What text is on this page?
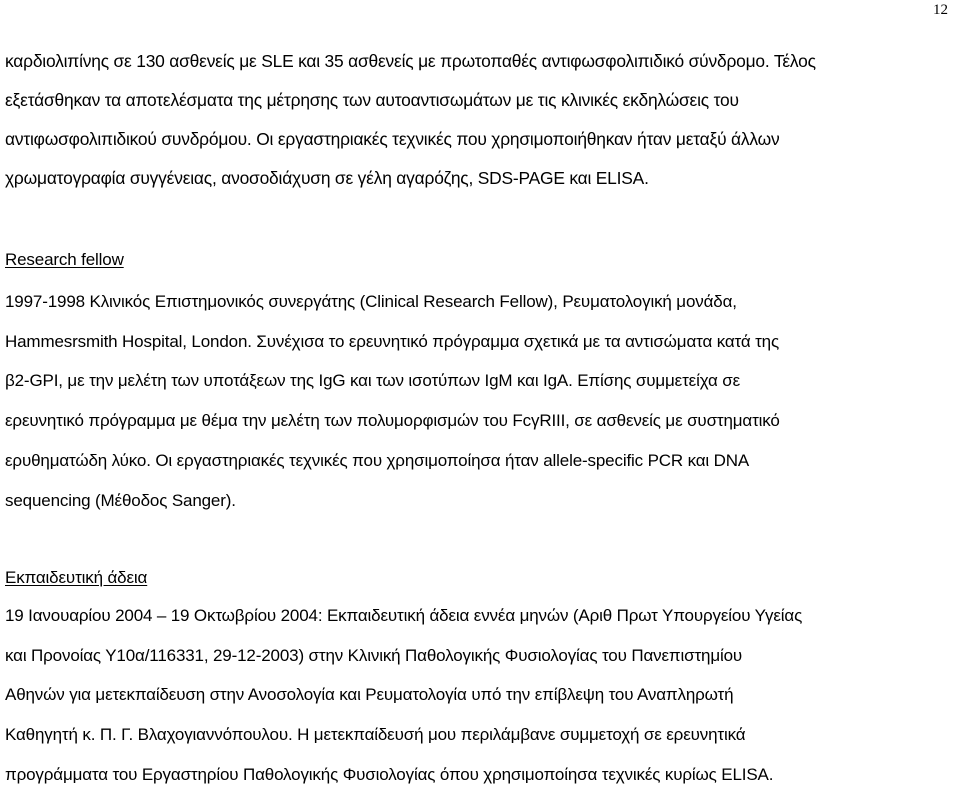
12

καρδιολιπίνης σε 130 ασθενείς με SLE και 35 ασθενείς με πρωτοπαθές αντιφωσφολιπιδικό σύνδρομο. Τέλος
εξετάσθηκαν τα αποτελέσματα της μέτρησης των αυτοαντισωμάτων με τις κλινικές εκδηλώσεις του
αντιφωσφολιπιδικού συνδρόμου. Οι εργαστηριακές τεχνικές που χρησιμοποιήθηκαν ήταν μεταξύ άλλων
χρωματογραφία συγγένειας, ανοσοδιάχυση σε γέλη αγαρόζης, SDS-PAGE και ELISA.

Research fellow

1997-1998 Κλινικός Επιστημονικός συνεργάτης (Clinical Research Fellow), Ρευματολογική μονάδα,
Hammesrsmith Hospital, London. Συνέχισα το ερευνητικό πρόγραμμα σχετικά με τα αντισώματα κατά της
β2-GPI, με την μελέτη των υποτάξεων της IgG και των ισοτύπων IgM και IgA. Επίσης συμμετείχα σε
ερευνητικό πρόγραμμα με θέμα την μελέτη των πολυμορφισμών του FcγRIII, σε ασθενείς με συστηματικό
ερυθηματώδη λύκο. Οι εργαστηριακές τεχνικές που χρησιμοποίησα ήταν allele-specific PCR και DNA
sequencing (Μέθοδος Sanger).

Εκπαιδευτική άδεια

19 Ιανουαρίου 2004 – 19 Οκτωβρίου 2004: Εκπαιδευτική άδεια εννέα μηνών (Αριθ Πρωτ Υπουργείου Υγείας
και Προνοίας Υ10α/116331, 29-12-2003) στην Κλινική Παθολογικής Φυσιολογίας του Πανεπιστημίου
Αθηνών για μετεκπαίδευση στην Ανοσολογία και Ρευματολογία υπό την επίβλεψη του Αναπληρωτή
Καθηγητή κ. Π. Γ. Βλαχογιαννόπουλου. Η μετεκπαίδευσή μου περιλάμβανε συμμετοχή σε ερευνητικά
προγράμματα του Εργαστηρίου Παθολογικής Φυσιολογίας όπου χρησιμοποίησα τεχνικές κυρίως ELISA.
